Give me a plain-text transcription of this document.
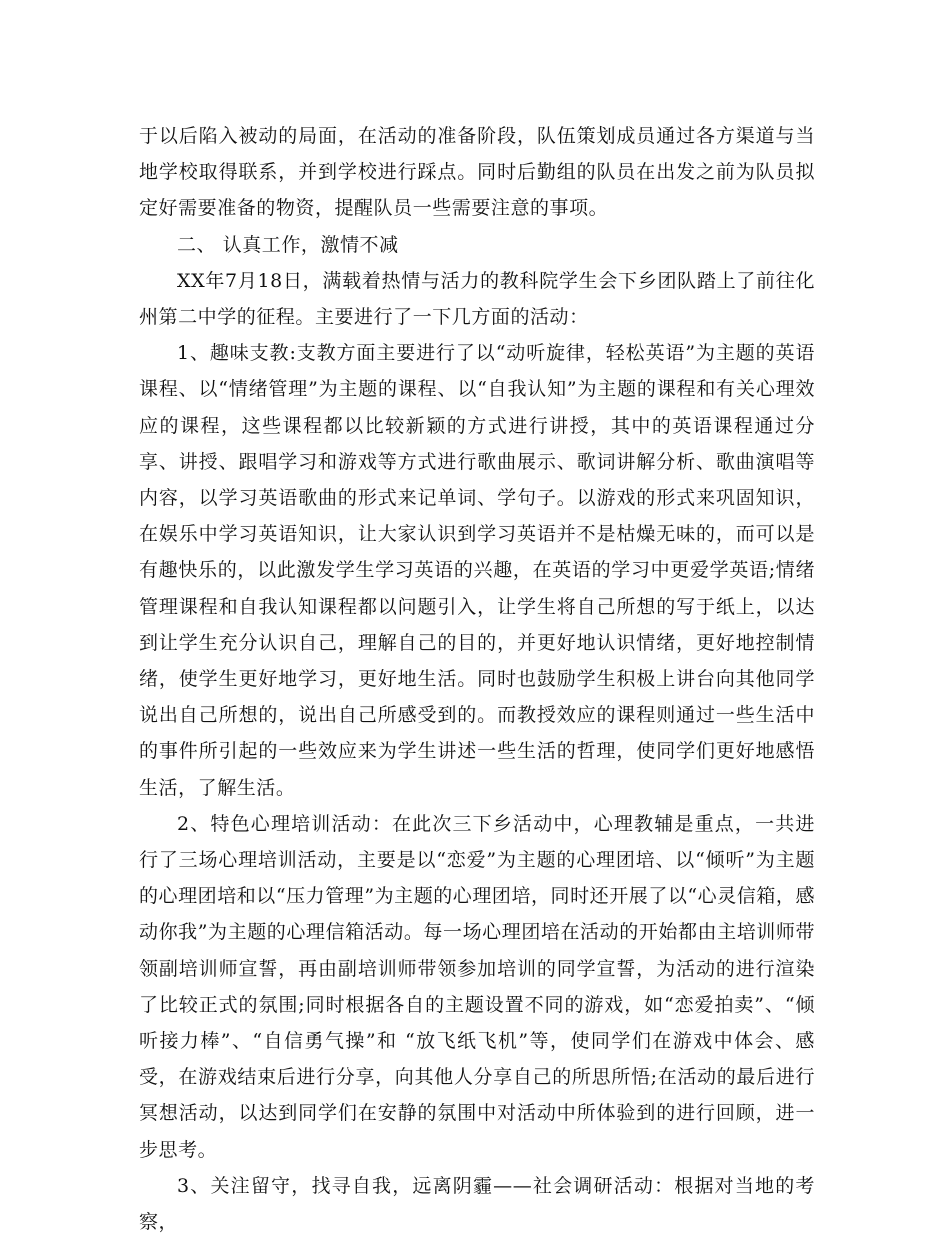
于以后陷入被动的局面，在活动的准备阶段，队伍策划成员通过各方渠道与当地学校取得联系，并到学校进行踩点。同时后勤组的队员在出发之前为队员拟定好需要准备的物资，提醒队员一些需要注意的事项。

二、 认真工作，激情不减

XX年7月18日，满载着热情与活力的教科院学生会下乡团队踏上了前往化州第二中学的征程。主要进行了一下几方面的活动：

1、趣味支教:支教方面主要进行了以“动听旋律，轻松英语”为主题的英语课程、以“情绪管理”为主题的课程、以“自我认知”为主题的课程和有关心理效应的课程，这些课程都以比较新颖的方式进行讲授，其中的英语课程通过分享、讲授、跟唱学习和游戏等方式进行歌曲展示、歌词讲解分析、歌曲演唱等内容，以学习英语歌曲的形式来记单词、学句子。以游戏的形式来巩固知识，在娱乐中学习英语知识，让大家认识到学习英语并不是枯燥无味的，而可以是有趣快乐的，以此激发学生学习英语的兴趣，在英语的学习中更爱学英语;情绪管理课程和自我认知课程都以问题引入，让学生将自己所想的写于纸上，以达到让学生充分认识自己，理解自己的目的，并更好地认识情绪，更好地控制情绪，使学生更好地学习，更好地生活。同时也鼓励学生积极上讲台向其他同学说出自己所想的，说出自己所感受到的。而教授效应的课程则通过一些生活中的事件所引起的一些效应来为学生讲述一些生活的哲理，使同学们更好地感悟生活，了解生活。

2、特色心理培训活动：在此次三下乡活动中，心理教辅是重点，一共进行了三场心理培训活动，主要是以“恋爱”为主题的心理团培、以“倾听”为主题的心理团培和以“压力管理”为主题的心理团培，同时还开展了以“心灵信箱，感动你我”为主题的心理信箱活动。每一场心理团培在活动的开始都由主培训师带领副培训师宣誓，再由副培训师带领参加培训的同学宣誓，为活动的进行渲染了比较正式的氛围;同时根据各自的主题设置不同的游戏，如“恋爱拍卖”、“倾听接力棒”、“自信勇气操”和 “放飞纸飞机”等，使同学们在游戏中体会、感受，在游戏结束后进行分享，向其他人分享自己的所思所悟;在活动的最后进行冥想活动，以达到同学们在安静的氛围中对活动中所体验到的进行回顾，进一步思考。

3、关注留守，找寻自我，远离阴霾——社会调研活动：根据对当地的考察，
